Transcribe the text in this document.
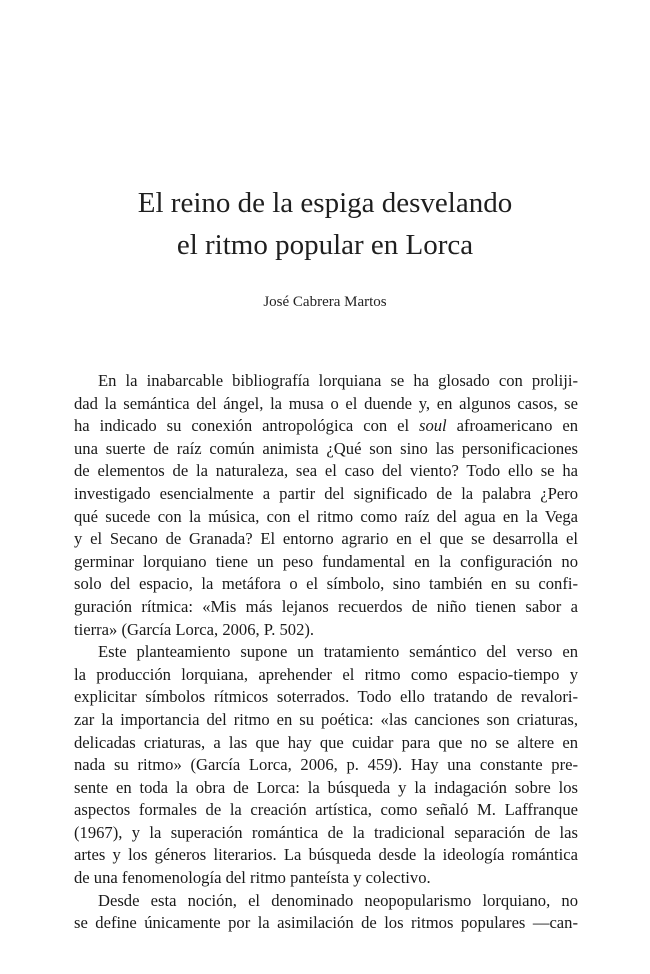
El reino de la espiga desvelando
el ritmo popular en Lorca
José Cabrera Martos
En la inabarcable bibliografía lorquiana se ha glosado con proliji-
dad la semántica del ángel, la musa o el duende y, en algunos casos, se
ha indicado su conexión antropológica con el soul afroamericano en
una suerte de raíz común animista ¿Qué son sino las personificaciones
de elementos de la naturaleza, sea el caso del viento? Todo ello se ha
investigado esencialmente a partir del significado de la palabra ¿Pero
qué sucede con la música, con el ritmo como raíz del agua en la Vega
y el Secano de Granada? El entorno agrario en el que se desarrolla el
germinar lorquiano tiene un peso fundamental en la configuración no
solo del espacio, la metáfora o el símbolo, sino también en su confi-
guración rítmica: «Mis más lejanos recuerdos de niño tienen sabor a
tierra» (García Lorca, 2006, P. 502).
Este planteamiento supone un tratamiento semántico del verso en
la producción lorquiana, aprehender el ritmo como espacio-tiempo y
explicitar símbolos rítmicos soterrados. Todo ello tratando de revalori-
zar la importancia del ritmo en su poética: «las canciones son criaturas,
delicadas criaturas, a las que hay que cuidar para que no se altere en
nada su ritmo» (García Lorca, 2006, p. 459). Hay una constante pre-
sente en toda la obra de Lorca: la búsqueda y la indagación sobre los
aspectos formales de la creación artística, como señaló M. Laffranque
(1967), y la superación romántica de la tradicional separación de las
artes y los géneros literarios. La búsqueda desde la ideología romántica
de una fenomenología del ritmo panteísta y colectivo.
Desde esta noción, el denominado neopopularismo lorquiano, no
se define únicamente por la asimilación de los ritmos populares —can-
